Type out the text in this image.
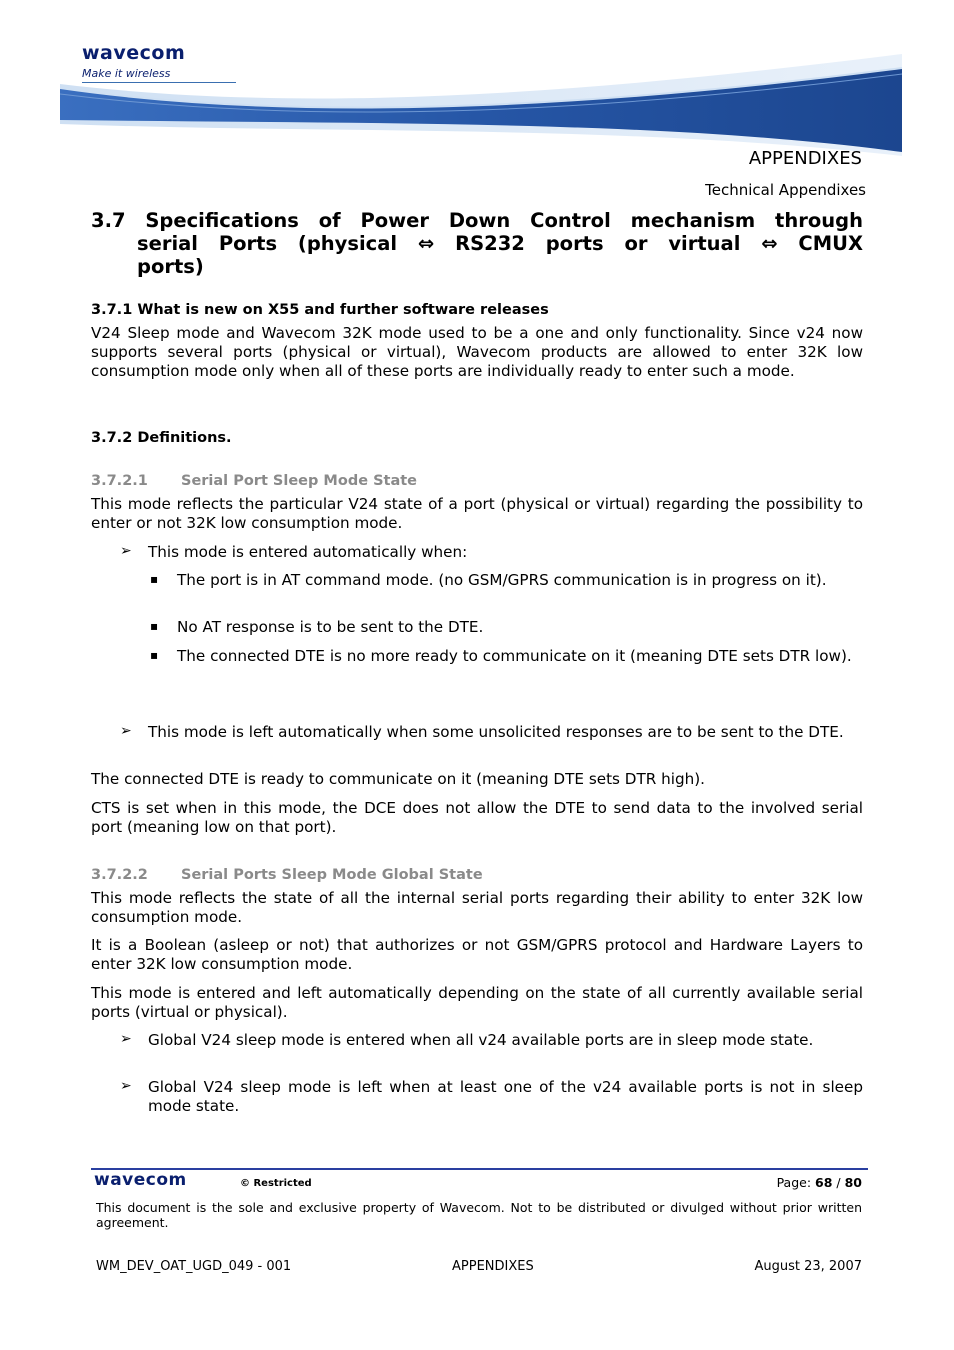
wavecom
Make it wireless
APPENDIXES
Technical Appendixes
3.7 Specifications of Power Down Control mechanism through
serial Ports (physical ⇔ RS232 ports or virtual ⇔ CMUX
ports)
3.7.1 What is new on X55 and further software releases
V24 Sleep mode and Wavecom 32K mode used to be a one and only functionality. Since v24 now supports several ports (physical or virtual), Wavecom products are allowed to enter 32K low consumption mode only when all of these ports are individually ready to enter such a mode.
3.7.2 Definitions.
3.7.2.1 Serial Port Sleep Mode State
This mode reflects the particular V24 state of a port (physical or virtual) regarding the possibility to enter or not 32K low consumption mode.
➢ This mode is entered automatically when:
▪ The port is in AT command mode. (no GSM/GPRS communication is in progress on it).
▪ No AT response is to be sent to the DTE.
▪ The connected DTE is no more ready to communicate on it (meaning DTE sets DTR low).
➢ This mode is left automatically when some unsolicited responses are to be sent to the DTE.
The connected DTE is ready to communicate on it (meaning DTE sets DTR high).
CTS is set when in this mode, the DCE does not allow the DTE to send data to the involved serial port (meaning low on that port).
3.7.2.2 Serial Ports Sleep Mode Global State
This mode reflects the state of all the internal serial ports regarding their ability to enter 32K low consumption mode.
It is a Boolean (asleep or not) that authorizes or not GSM/GPRS protocol and Hardware Layers to enter 32K low consumption mode.
This mode is entered and left automatically depending on the state of all currently available serial ports (virtual or physical).
➢ Global V24 sleep mode is entered when all v24 available ports are in sleep mode state.
➢ Global V24 sleep mode is left when at least one of the v24 available ports is not in sleep mode state.
wavecom	© Restricted	Page: 68 / 80
This document is the sole and exclusive property of Wavecom. Not to be distributed or divulged without prior written agreement.
WM_DEV_OAT_UGD_049 - 001	APPENDIXES	August 23, 2007
